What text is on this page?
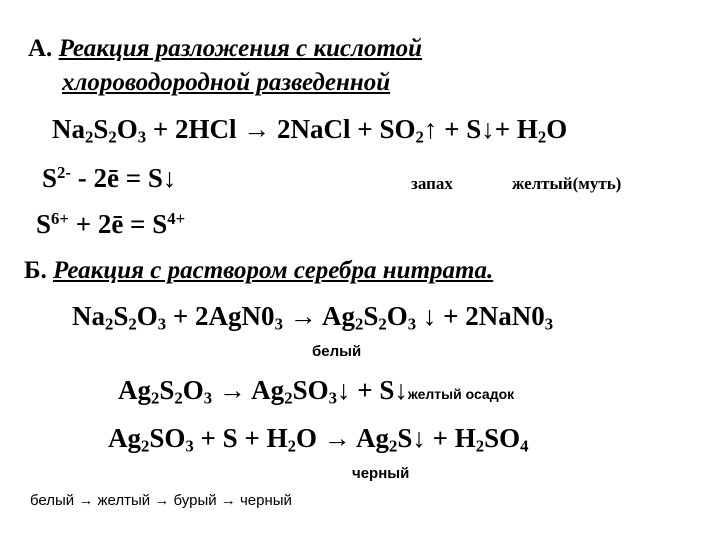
А. Реакция разложения с кислотой
хлороводородной разведенной
$Na_2S_2O_3 + 2HCl$ → 2NaCl + $SO_2↑$ + S↓+ $H_2O$
$S^{2-}$ - 2ē = S↓	запах	желтый(муть)
$S^{6+}$ + 2ē = $S^{4+}$
Б. Реакция с раствором серебра нитрата.
$Na_2S_2O_3 + 2AgN0_3 \to Ag_2S_2O_3$ ↓ + $2NaN0_3$
белый
$Ag_2S_2O_3$ → $Ag_2SO_3↓$ + S↓желтый осадок
$Ag_2SO_3 + S + H_2O$ → $Ag_2S↓ + H_2SO_4$
черный
белый → желтый → бурый → черный
